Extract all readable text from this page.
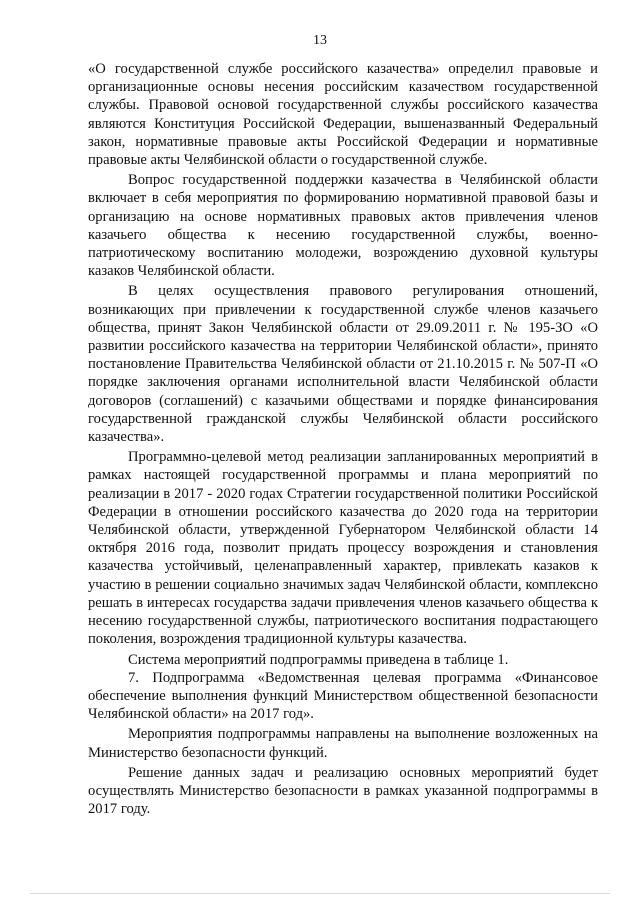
13

«О государственной службе российского казачества» определил правовые и организационные основы несения российским казачеством государственной службы. Правовой основой государственной службы российского казачества являются Конституция Российской Федерации, вышеназванный Федеральный закон, нормативные правовые акты Российской Федерации и нормативные правовые акты Челябинской области о государственной службе.

Вопрос государственной поддержки казачества в Челябинской области включает в себя мероприятия по формированию нормативной правовой базы и организацию на основе нормативных правовых актов привлечения членов казачьего общества к несению государственной службы, военно-патриотическому воспитанию молодежи, возрождению духовной культуры казаков Челябинской области.

В целях осуществления правового регулирования отношений, возникающих при привлечении к государственной службе членов казачьего общества, принят Закон Челябинской области от 29.09.2011 г. № 195-ЗО «О развитии российского казачества на территории Челябинской области», принято постановление Правительства Челябинской области от 21.10.2015 г. № 507-П «О порядке заключения органами исполнительной власти Челябинской области договоров (соглашений) с казачьими обществами и порядке финансирования государственной гражданской службы Челябинской области российского казачества».

Программно-целевой метод реализации запланированных мероприятий в рамках настоящей государственной программы и плана мероприятий по реализации в 2017 - 2020 годах Стратегии государственной политики Российской Федерации в отношении российского казачества до 2020 года на территории Челябинской области, утвержденной Губернатором Челябинской области 14 октября 2016 года, позволит придать процессу возрождения и становления казачества устойчивый, целенаправленный характер, привлекать казаков к участию в решении социально значимых задач Челябинской области, комплексно решать в интересах государства задачи привлечения членов казачьего общества к несению государственной службы, патриотического воспитания подрастающего поколения, возрождения традиционной культуры казачества.

Система мероприятий подпрограммы приведена в таблице 1.

7. Подпрограмма «Ведомственная целевая программа «Финансовое обеспечение выполнения функций Министерством общественной безопасности Челябинской области» на 2017 год».

Мероприятия подпрограммы направлены на выполнение возложенных на Министерство безопасности функций.

Решение данных задач и реализацию основных мероприятий будет осуществлять Министерство безопасности в рамках указанной подпрограммы в 2017 году.
